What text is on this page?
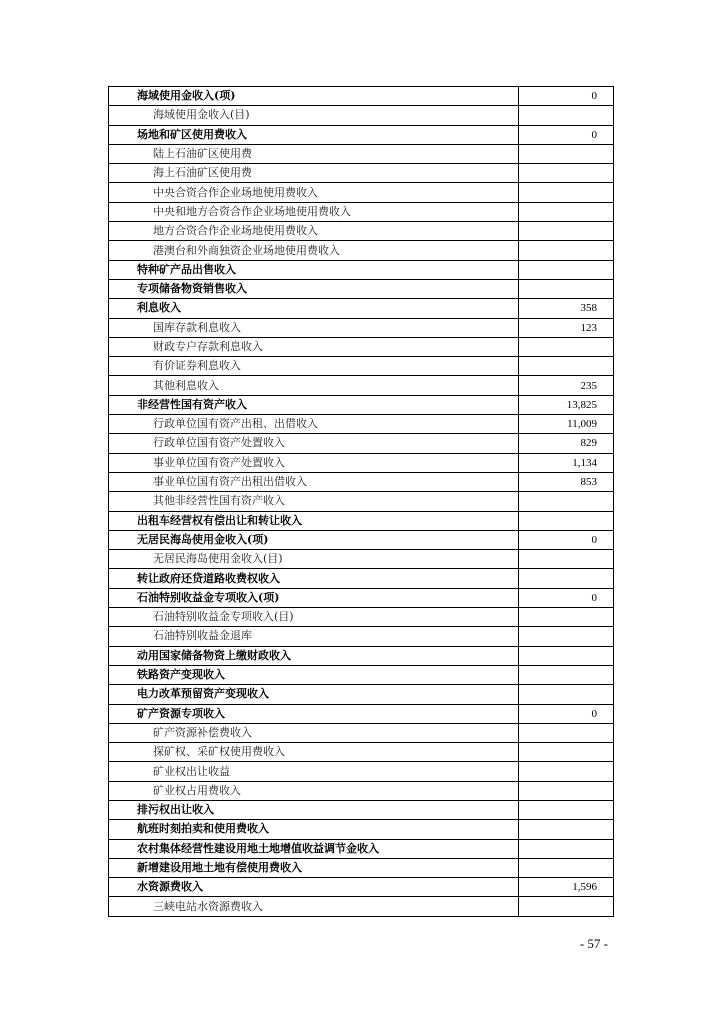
海域使用金收入(项)	0
海域使用金收入(目)	
场地和矿区使用费收入	0
陆上石油矿区使用费	
海上石油矿区使用费	
中央合资合作企业场地使用费收入	
中央和地方合资合作企业场地使用费收入	
地方合资合作企业场地使用费收入	
港澳台和外商独资企业场地使用费收入	
特种矿产品出售收入	
专项储备物资销售收入	
利息收入	358
国库存款利息收入	123
财政专户存款利息收入	
有价证券利息收入	
其他利息收入	235
非经营性国有资产收入	13,825
行政单位国有资产出租、出借收入	11,009
行政单位国有资产处置收入	829
事业单位国有资产处置收入	1,134
事业单位国有资产出租出借收入	853
其他非经营性国有资产收入	
出租车经营权有偿出让和转让收入	
无居民海岛使用金收入(项)	0
无居民海岛使用金收入(目)	
转让政府还贷道路收费权收入	
石油特别收益金专项收入(项)	0
石油特别收益金专项收入(目)	
石油特别收益金退库	
动用国家储备物资上缴财政收入	
铁路资产变现收入	
电力改革预留资产变现收入	
矿产资源专项收入	0
矿产资源补偿费收入	
探矿权、采矿权使用费收入	
矿业权出让收益	
矿业权占用费收入	
排污权出让收入	
航班时刻拍卖和使用费收入	
农村集体经营性建设用地土地增值收益调节金收入	
新增建设用地土地有偿使用费收入	
水资源费收入	1,596
三峡电站水资源费收入	
- 57 -
